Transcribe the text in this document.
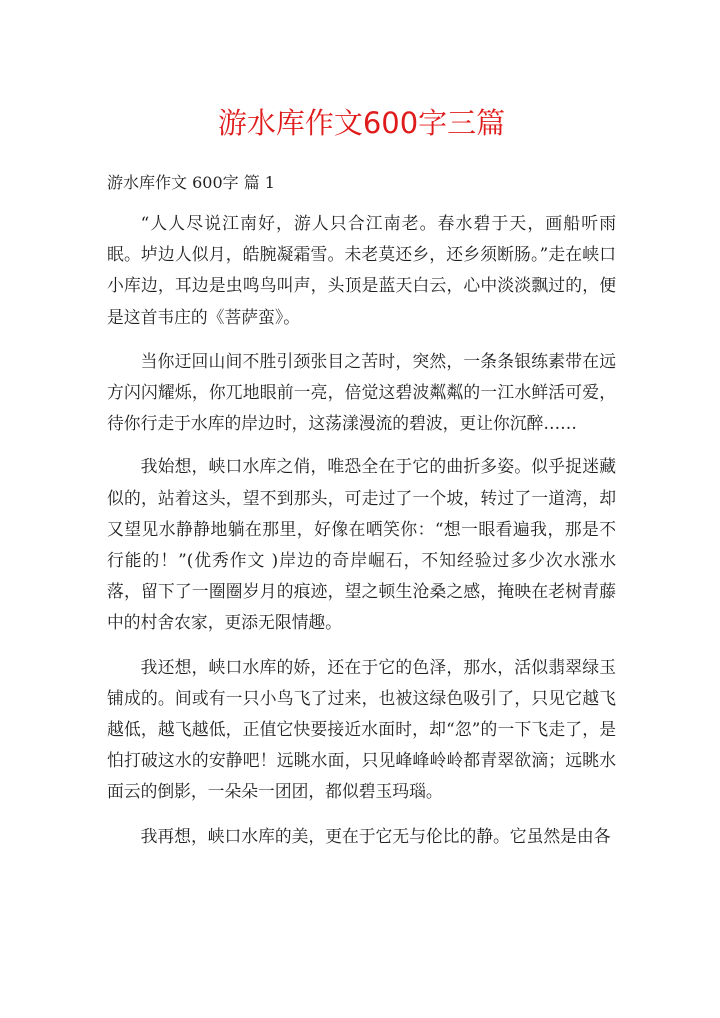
游水库作文600字三篇
游水库作文 600字 篇 1

“人人尽说江南好，游人只合江南老。春水碧于天，画船听雨眠。垆边人似月，皓腕凝霜雪。未老莫还乡，还乡须断肠。”走在峡口小库边，耳边是虫鸣鸟叫声，头顶是蓝天白云，心中淡淡飘过的，便是这首韦庄的《菩萨蛮》。

当你迂回山间不胜引颈张目之苦时，突然，一条条银练素带在远方闪闪耀烁，你兀地眼前一亮，倍觉这碧波粼粼的一江水鲜活可爱，待你行走于水库的岸边时，这荡漾漫流的碧波，更让你沉醉……

我始想，峡口水库之俏，唯恐全在于它的曲折多姿。似乎捉迷藏似的，站着这头，望不到那头，可走过了一个坡，转过了一道湾，却又望见水静静地躺在那里，好像在哂笑你：“想一眼看遍我，那是不行能的！”(优秀作文 )岸边的奇岸崛石，不知经验过多少次水涨水落，留下了一圈圈岁月的痕迹，望之顿生沧桑之感，掩映在老树青藤中的村舍农家，更添无限情趣。

我还想，峡口水库的娇，还在于它的色泽，那水，活似翡翠绿玉铺成的。间或有一只小鸟飞了过来，也被这绿色吸引了，只见它越飞越低，越飞越低，正值它快要接近水面时，却“忽”的一下飞走了，是怕打破这水的安静吧！远眺水面，只见峰峰岭岭都青翠欲滴；远眺水面云的倒影，一朵朵一团团，都似碧玉玛瑙。

我再想，峡口水库的美，更在于它无与伦比的静。它虽然是由各
